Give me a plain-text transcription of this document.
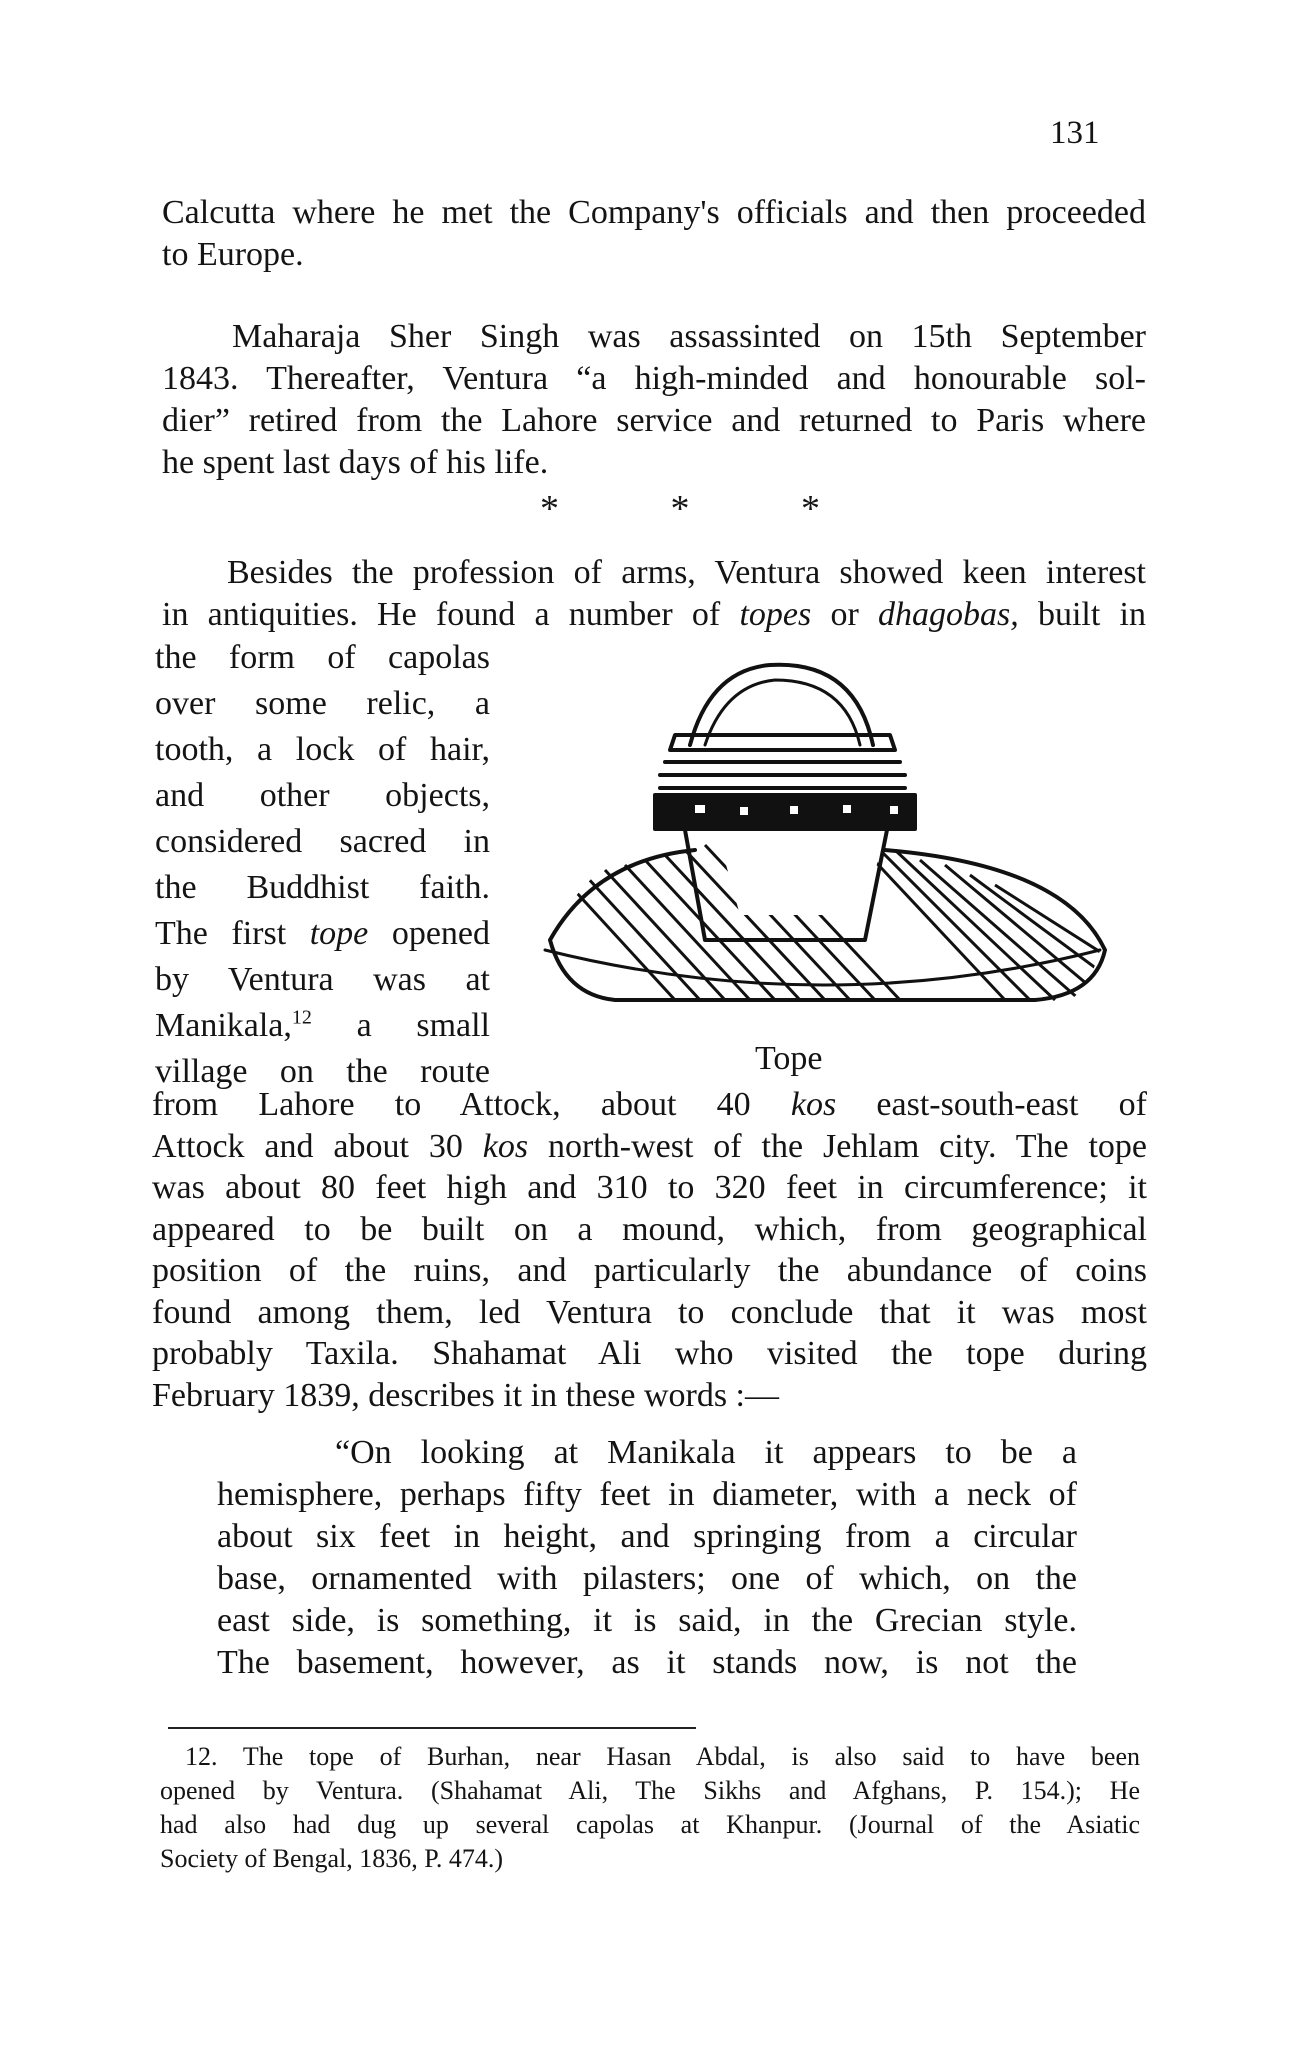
131

Calcutta where he met the Company's officials and then proceeded
to Europe.

Maharaja Sher Singh was assassinted on 15th September
1843. Thereafter, Ventura “a high-minded and honourable sol-
dier” retired from the Lahore service and returned to Paris where
he spent last days of his life.

*	*	*

Besides the profession of arms, Ventura showed keen interest
in antiquities. He found a number of topes or dhagobas, built in

the form of capolas
over some relic, a
tooth, a lock of hair,
and other objects,
considered sacred in
the Buddhist faith.
The first tope opened
by Ventura was at
Manikala,$^{12}$ a small
village on the route	Tope

from Lahore to Attock, about 40 kos east-south-east of
Attock and about 30 kos north-west of the Jehlam city. The tope
was about 80 feet high and 310 to 320 feet in circumference; it
appeared to be built on a mound, which, from geographical
position of the ruins, and particularly the abundance of coins
found among them, led Ventura to conclude that it was most
probably Taxila. Shahamat Ali who visited the tope during
February 1839, describes it in these words :—

“On looking at Manikala it appears to be a
hemisphere, perhaps fifty feet in diameter, with a neck of
about six feet in height, and springing from a circular
base, ornamented with pilasters; one of which, on the
east side, is something, it is said, in the Grecian style.
The basement, however, as it stands now, is not the

12. The tope of Burhan, near Hasan Abdal, is also said to have been
opened by Ventura. (Shahamat Ali, The Sikhs and Afghans, P. 154.); He
had also had dug up several capolas at Khanpur. (Journal of the Asiatic
Society of Bengal, 1836, P. 474.)
